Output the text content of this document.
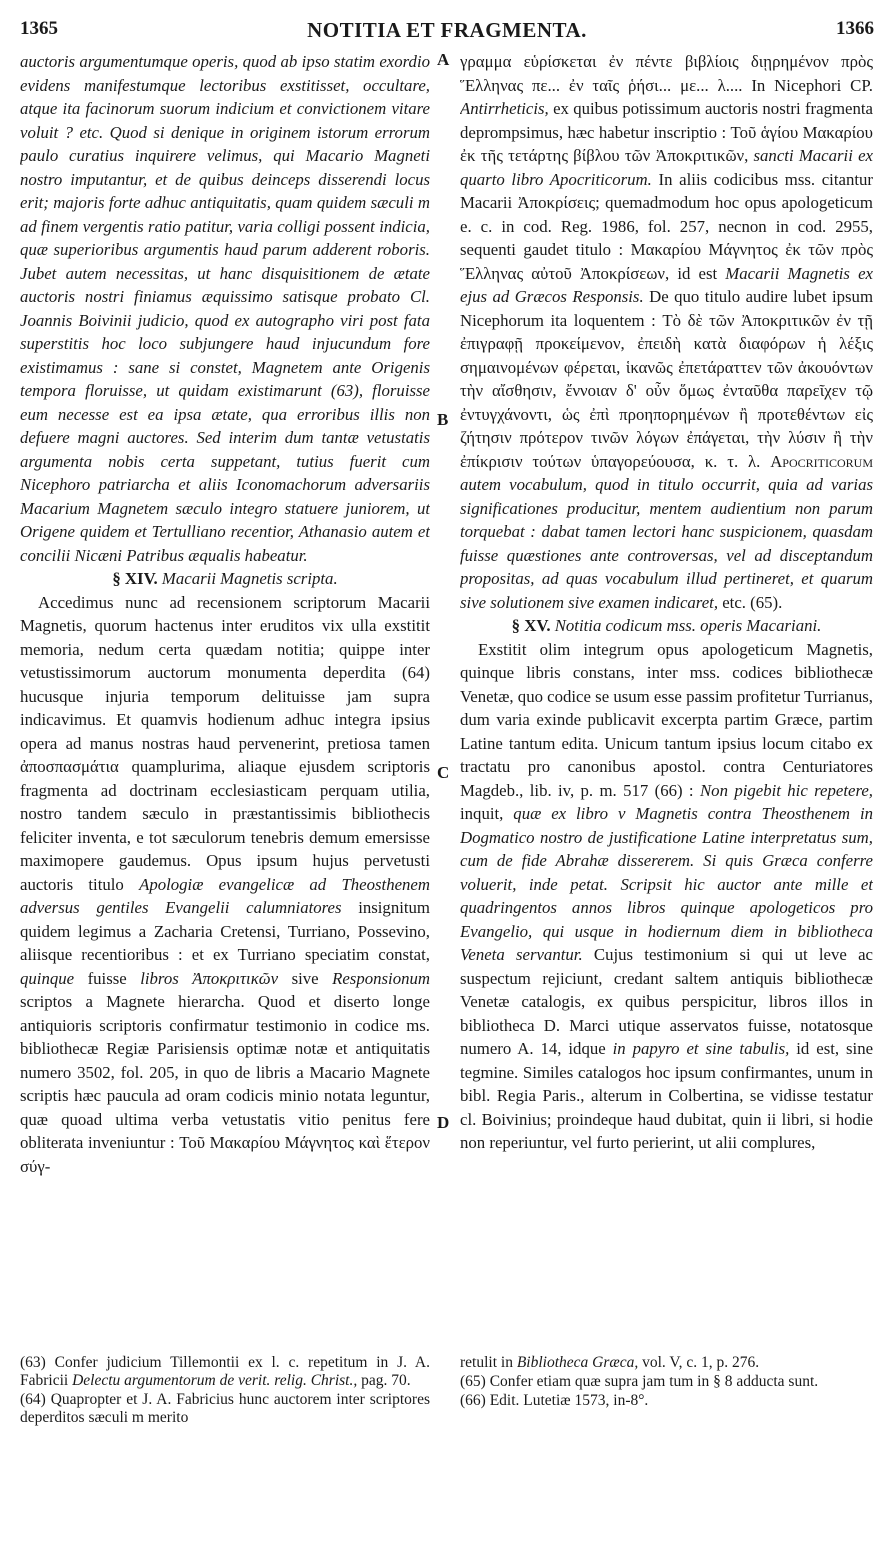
1365	NOTITIA ET FRAGMENTA.	1366
A
B
C
D

auctoris argumentumque operis, quod ab ipso statim exordio evidens manifestumque lectoribus exstitisset, occultare, atque ita facinorum suorum indicium et convictionem vitare voluit ? etc. Quod si denique in originem istorum errorum paulo curatius inquirere velimus, qui Macario Magneti nostro imputantur, et de quibus deinceps disserendi locus erit; majoris forte adhuc antiquitatis, quam quidem sæculi m ad finem vergentis ratio patitur, varia colligi possent indicia, quæ superioribus argumentis haud parum adderent roboris. Jubet autem necessitas, ut hanc disquisitionem de ætate auctoris nostri finiamus æquissimo satisque probato Cl. Joannis Boivinii judicio, quod ex autographo viri post fata superstitis hoc loco subjungere haud injucundum fore existimamus : sane si constet, Magnetem ante Origenis tempora floruisse, ut quidam existimarunt (63), floruisse eum necesse est ea ipsa ætate, qua erroribus illis non defuere magni auctores. Sed interim dum tantæ vetustatis argumenta nobis certa suppetant, tutius fuerit cum Nicephoro patriarcha et aliis Iconomachorum adversariis Macarium Magnetem sæculo integro statuere juniorem, ut Origene quidem et Tertulliano recentior, Athanasio autem et concilii Nicæni Patribus æqualis habeatur.

§ XIV. Macarii Magnetis scripta.

Accedimus nunc ad recensionem scriptorum Macarii Magnetis, quorum hactenus inter eruditos vix ulla exstitit memoria, nedum certa quædam notitia; quippe inter vetustissimorum auctorum monumenta deperdita (64) hucusque injuria temporum delituisse jam supra indicavimus. Et quamvis hodienum adhuc integra ipsius opera ad manus nostras haud pervenerint, pretiosa tamen ἀποσπασμάτια quamplurima, aliaque ejusdem scriptoris fragmenta ad doctrinam ecclesiasticam perquam utilia, nostro tandem sæculo in præstantissimis bibliothecis feliciter inventa, e tot sæculorum tenebris demum emersisse maximopere gaudemus. Opus ipsum hujus pervetusti auctoris titulo Apologiæ evangelicæ ad Theosthenem adversus gentiles Evangelii calumniatores insignitum quidem legimus a Zacharia Cretensi, Turriano, Possevino, aliisque recentioribus : et ex Turriano speciatim constat, quinque fuisse libros Ἀποκριτικῶν sive Responsionum scriptos a Magnete hierarcha. Quod et diserto longe antiquioris scriptoris confirmatur testimonio in codice ms. bibliothecæ Regiæ Parisiensis optimæ notæ et antiquitatis numero 3502, fol. 205, in quo de libris a Macario Magnete scriptis hæc paucula ad oram codicis minio notata leguntur, quæ quoad ultima verba vetustatis vitio penitus fere obliterata inveniuntur : Τοῦ Μακαρίου Μάγνητος καὶ ἕτερον σύγ-

γραμμα εὑρίσκεται ἐν πέντε βιβλίοις διῃρημένον πρὸς Ἕλληνας πε... ἐν ταῖς ῥήσι... με... λ.... In Nicephori CP. Antirrheticis, ex quibus potissimum auctoris nostri fragmenta deprompsimus, hæc habetur inscriptio : Τοῦ ἁγίου Μακαρίου ἐκ τῆς τετάρτης βίβλου τῶν Ἀποκριτικῶν, sancti Macarii ex quarto libro Apocriticorum. In aliis codicibus mss. citantur Macarii Ἀποκρίσεις; quemadmodum hoc opus apologeticum e. c. in cod. Reg. 1986, fol. 257, necnon in cod. 2955, sequenti gaudet titulo : Μακαρίου Μάγνητος ἐκ τῶν πρὸς Ἕλληνας αὐτοῦ Ἀποκρίσεων, id est Macarii Magnetis ex ejus ad Græcos Responsis. De quo titulo audire lubet ipsum Nicephorum ita loquentem : Τὸ δὲ τῶν Ἀποκριτικῶν ἐν τῇ ἐπιγραφῇ προκείμενον, ἐπειδὴ κατὰ διαφόρων ἡ λέξις σημαινομένων φέρεται, ἱκανῶς ἐπετάραττεν τῶν ἀκουόντων τὴν αἴσθησιν, ἔννοιαν δ' οὖν ὅμως ἐνταῦθα παρεῖχεν τῷ ἐντυγχάνοντι, ὡς ἐπὶ προηπορημένων ἢ προτεθέντων εἰς ζήτησιν πρότερον τινῶν λόγων ἐπάγεται, τὴν λύσιν ἢ τὴν ἐπίκρισιν τούτων ὑπαγορεύουσα, κ. τ. λ. Apocriticorum autem vocabulum, quod in titulo occurrit, quia ad varias significationes producitur, mentem audientium non parum torquebat : dabat tamen lectori hanc suspicionem, quasdam fuisse quæstiones ante controversas, vel ad disceptandum propositas, ad quas vocabulum illud pertineret, et quarum sive solutionem sive examen indicaret, etc. (65).

§ XV. Notitia codicum mss. operis Macariani.

Exstitit olim integrum opus apologeticum Magnetis, quinque libris constans, inter mss. codices bibliothecæ Venetæ, quo codice se usum esse passim profitetur Turrianus, dum varia exinde publicavit excerpta partim Græce, partim Latine tantum edita. Unicum tantum ipsius locum citabo ex tractatu pro canonibus apostol. contra Centuriatores Magdeb., lib. iv, p. m. 517 (66) : Non pigebit hic repetere, inquit, quæ ex libro v Magnetis contra Theosthenem in Dogmatico nostro de justificatione Latine interpretatus sum, cum de fide Abrahæ dissererem. Si quis Græca conferre voluerit, inde petat. Scripsit hic auctor ante mille et quadringentos annos libros quinque apologeticos pro Evangelio, qui usque in hodiernum diem in bibliotheca Veneta servantur. Cujus testimonium si qui ut leve ac suspectum rejiciunt, credant saltem antiquis bibliothecæ Venetæ catalogis, ex quibus perspicitur, libros illos in bibliotheca D. Marci utique asservatos fuisse, notatosque numero A. 14, idque in papyro et sine tabulis, id est, sine tegmine. Similes catalogos hoc ipsum confirmantes, unum in bibl. Regia Paris., alterum in Colbertina, se vidisse testatur cl. Boivinius; proindeque haud dubitat, quin ii libri, si hodie non reperiuntur, vel furto perierint, ut alii complures,

(63) Confer judicium Tillemontii ex l. c. repetitum in J. A. Fabricii Delectu argumentorum de verit. relig. Christ., pag. 70.

(64) Quapropter et J. A. Fabricius hunc auctorem inter scriptores deperditos sæculi m merito

retulit in Bibliotheca Græca, vol. V, c. 1, p. 276.

(65) Confer etiam quæ supra jam tum in § 8 adducta sunt.

(66) Edit. Lutetiæ 1573, in-8°.
